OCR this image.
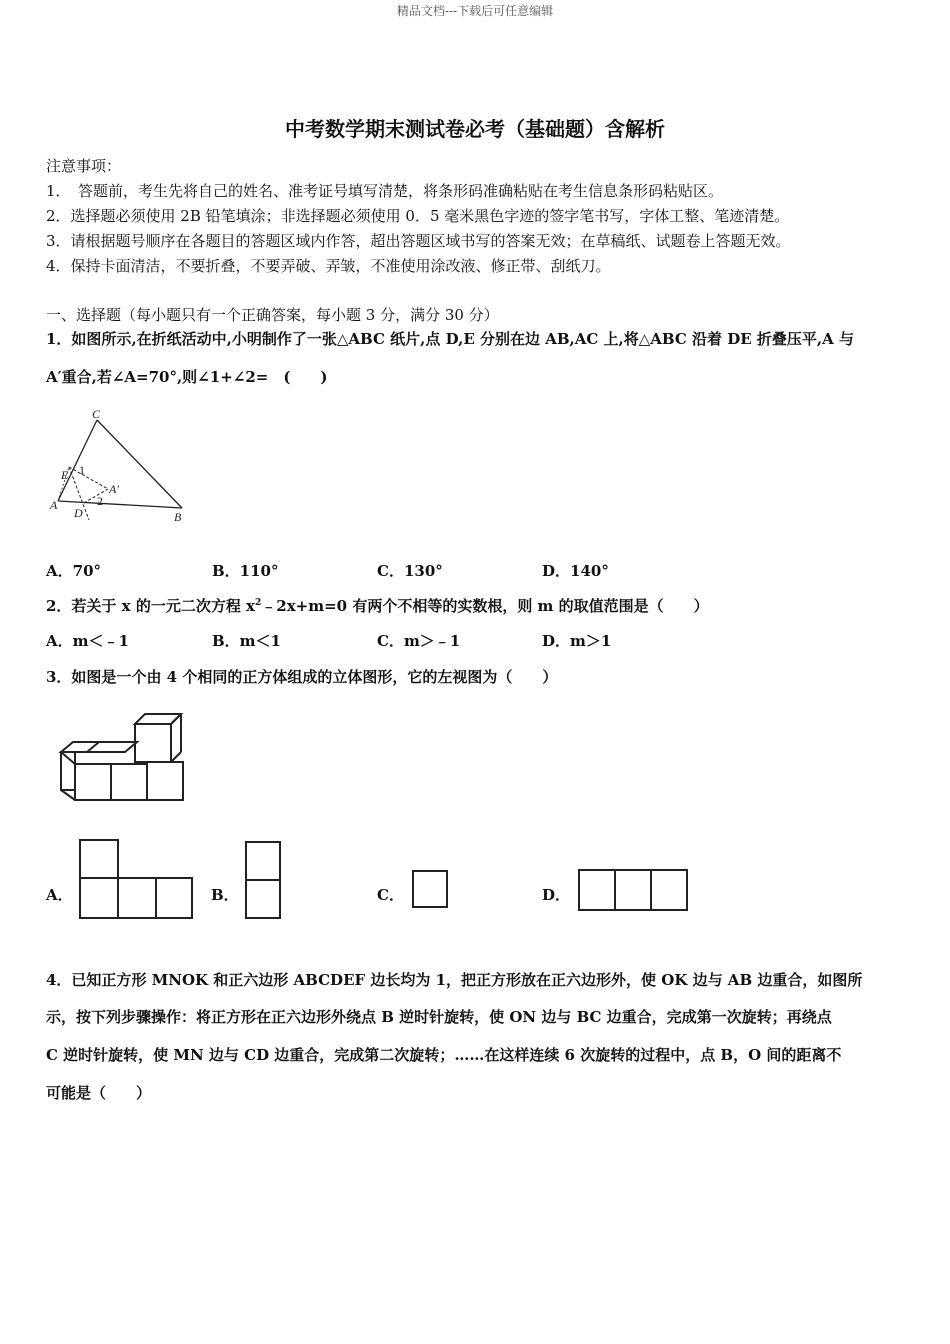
精品文档---下载后可任意编辑
中考数学期末测试卷必考（基础题）含解析
注意事项：
1．　答题前，考生先将自己的姓名、准考证号填写清楚，将条形码准确粘贴在考生信息条形码粘贴区。
2．选择题必须使用 2B 铅笔填涂；非选择题必须使用 0．5 毫米黑色字迹的签字笔书写，字体工整、笔迹清楚。
3．请根据题号顺序在各题目的答题区域内作答，超出答题区域书写的答案无效；在草稿纸、试题卷上答题无效。
4．保持卡面清洁，不要折叠，不要弄破、弄皱，不准使用涂改液、修正带、刮纸刀。
一、选择题（每小题只有一个正确答案，每小题 3 分，满分 30 分）
1．如图所示,在折纸活动中,小明制作了一张△ABC 纸片,点 D,E 分别在边 AB,AC 上,将△ABC 沿着 DE 折叠压平,A 与
A′重合,若∠A=70°,则∠1+∠2=　(　　)
C
E 1
A'
2
A
D	B
A．70°	B．110°	C．130°	D．140°
2．若关于 x 的一元二次方程 $x^2﹣2x+m=0$ 有两个不相等的实数根，则 m 的取值范围是（　　）
A．m＜﹣1	B．m＜1	C．m＞﹣1	D．m＞1
3．如图是一个由 4 个相同的正方体组成的立体图形，它的左视图为（　　）
A．	B．	C．	D．
4．已知正方形 MNOK 和正六边形 ABCDEF 边长均为 1，把正方形放在正六边形外，使 OK 边与 AB 边重合，如图所
示，按下列步骤操作：将正方形在正六边形外绕点 B 逆时针旋转，使 ON 边与 BC 边重合，完成第一次旋转；再绕点
C 逆时针旋转，使 MN 边与 CD 边重合，完成第二次旋转；……在这样连续 6 次旋转的过程中，点 B，O 间的距离不
可能是（　　）
